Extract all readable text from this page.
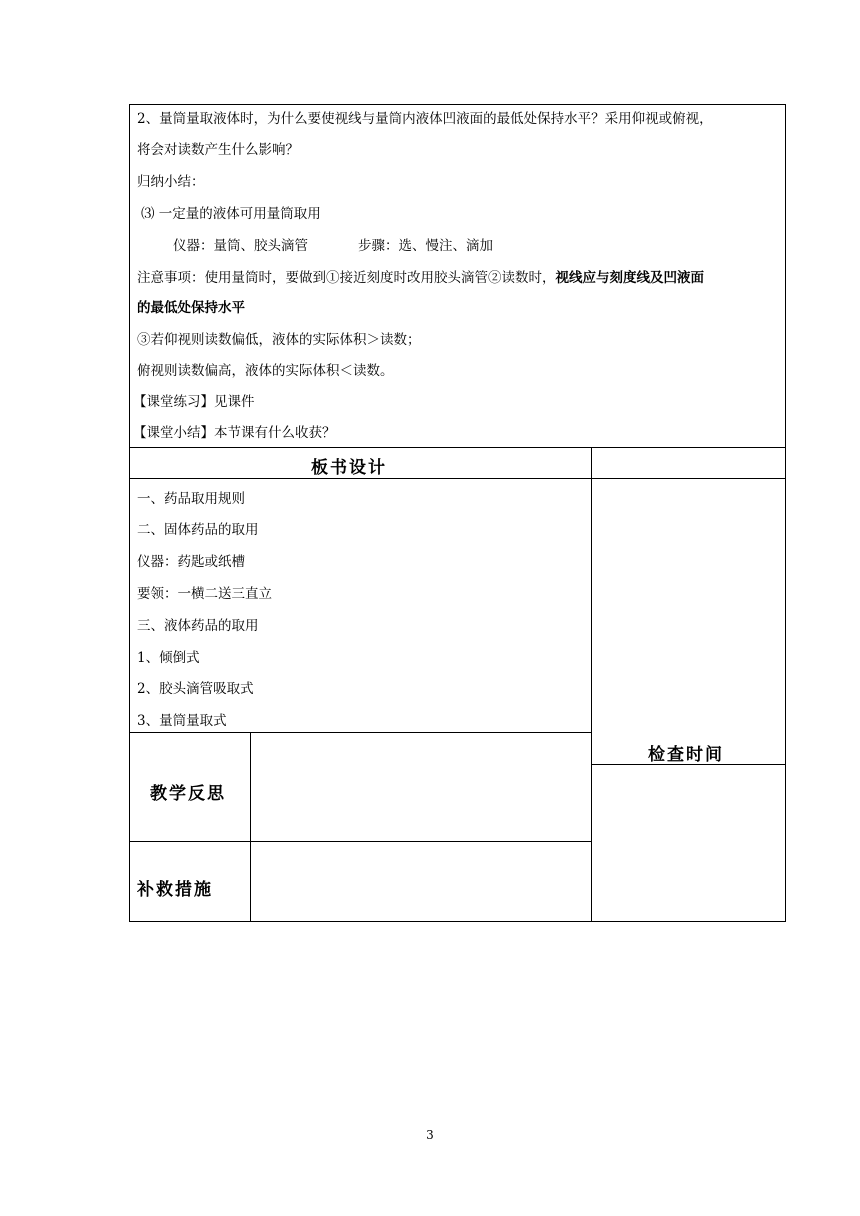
2、量筒量取液体时，为什么要使视线与量筒内液体凹液面的最低处保持水平？采用仰视或俯视，
将会对读数产生什么影响？
归纳小结：
⑶ 一定量的液体可用量筒取用
仪器：量筒、胶头滴管	步骤：选、慢注、滴加
注意事项：使用量筒时，要做到①接近刻度时改用胶头滴管②读数时，视线应与刻度线及凹液面
的最低处保持水平
③若仰视则读数偏低，液体的实际体积＞读数；
俯视则读数偏高，液体的实际体积＜读数。
【课堂练习】见课件
【课堂小结】本节课有什么收获？
板书设计
一、药品取用规则
二、固体药品的取用
仪器：药匙或纸槽
要领：一横二送三直立
三、液体药品的取用
1、倾倒式
2、胶头滴管吸取式
3、量筒量取式
检查时间
教学反思
补救措施
3
